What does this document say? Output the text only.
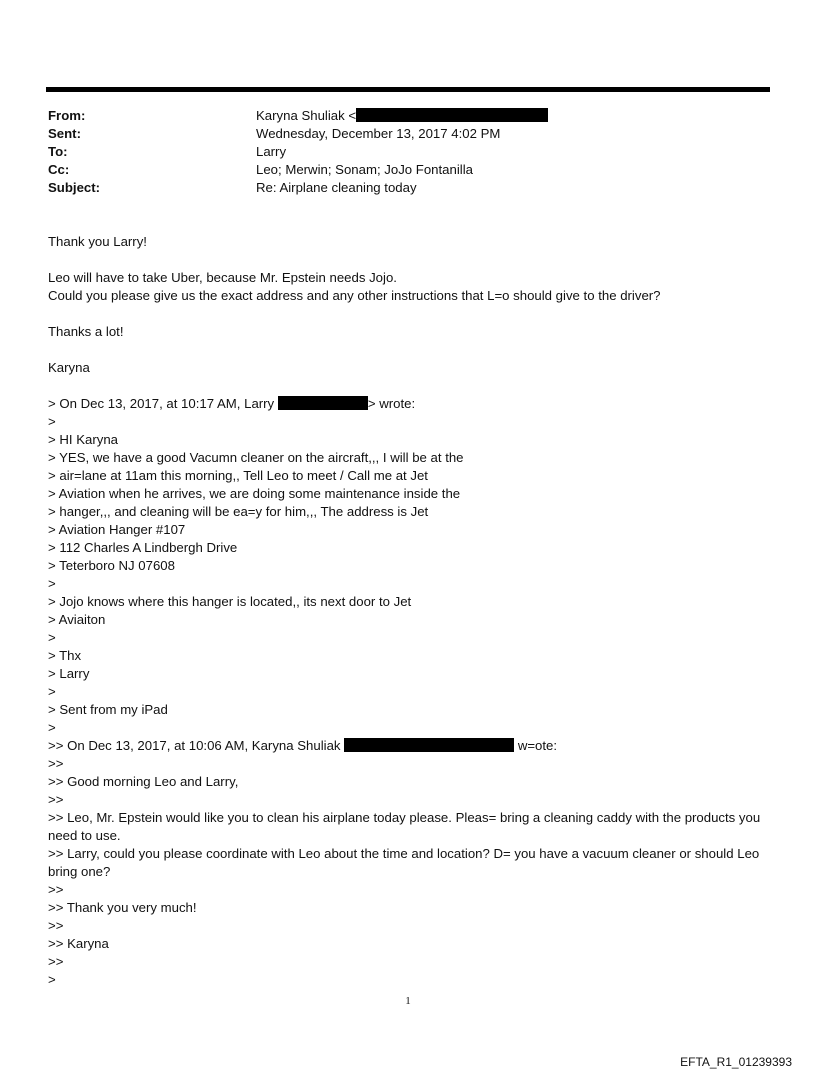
From:	Karyna Shuliak <
Sent:	Wednesday, December 13, 2017 4:02 PM
To:	Larry
Cc:	Leo; Merwin; Sonam; JoJo Fontanilla
Subject:	Re: Airplane cleaning today
Thank you Larry!
Leo will have to take Uber, because Mr. Epstein needs Jojo.
Could you please give us the exact address and any other instructions that L=o should give to the driver?
Thanks a lot!
Karyna
> On Dec 13, 2017, at 10:17 AM, Larry	> wrote:
>
> HI Karyna
> YES, we have a good Vacumn cleaner on the aircraft,,, I will be at the
> air=lane at 11am this morning,, Tell Leo to meet / Call me at Jet
> Aviation when he arrives, we are doing some maintenance inside the
> hanger,,, and cleaning will be ea=y for him,,, The address is Jet
> Aviation Hanger #107
> 112 Charles A Lindbergh Drive
> Teterboro NJ 07608
>
> Jojo knows where this hanger is located,, its next door to Jet
> Aviaiton
>
> Thx
> Larry
>
> Sent from my iPad
>
>> On Dec 13, 2017, at 10:06 AM, Karyna Shuliak	w=ote:
>>
>> Good morning Leo and Larry,
>>
>> Leo, Mr. Epstein would like you to clean his airplane today please. Pleas= bring a cleaning caddy with the products you need to use.
>> Larry, could you please coordinate with Leo about the time and location? D= you have a vacuum cleaner or should Leo bring one?
>>
>> Thank you very much!
>>
>> Karyna
>>
>
1
EFTA_R1_01239393
